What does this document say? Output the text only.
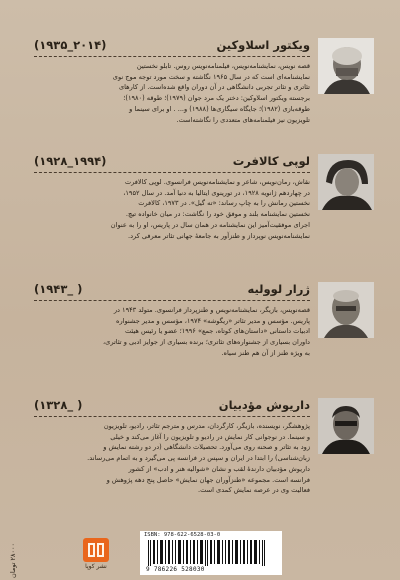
ویکتور اسلاوکین
(۱۹۳۵_۲۰۱۴)

قصه نویس، نمایشنامه‌نویس، فیلمنامه‌نویس روس. تابلو نخستین
نمایشنامه‌ای است که در سال ۱۹۶۵ نگاشته و سخت مورد توجه موج نوی
تئاتری و تئاتر تجربی دانشگاهی در آن دوران واقع شده‌است. از کارهای
برجسته ویکتور اسلاوکین: دختر یک مرد جوان (۱۹۷۹)؛ طوقه (۱۹۸۰)؛
طوقه‌بازی (۱۹۸۲)؛ جایگاه سیگاری‌ها (۱۹۸۸) و... . او برای سینما و
تلویزیون نیز فیلمنامه‌های متعددی را نگاشته‌است.

لوپی کالافرت
(۱۹۲۸_۱۹۹۴)

نقاش، رمان‌نویس، شاعر و نمایشنامه‌نویس فرانسوی. لوپی کالافرت
در چهاردهم ژانویه ۱۹۲۸، در تورینوی ایتالیا به دنیا آمد. در سال ۱۹۵۲،
نخستین رمانش را به چاپ رساند: «ته گیل». در ۱۹۷۳، کالافرت
نخستین نمایشنامه بلند و موفق خود را نگاشت: در میان خانواده تیچ.
اجرای موفقیت‌آمیز این نمایشنامه در همان سال در پاریس، او را به عنوان
نمایشنامه‌نویس نوپرداز و طنزآور به جامعهٔ جهانی تئاتر معرفی کرد.

ژرار لوولیه
(۱۹۴۳_ )

قصه‌نویس، بازیگر، نمایشنامه‌نویس و طنزپرداز فرانسوی. متولد ۱۹۴۳ در
پاریس. مؤسس و مدیر تئاتر «ریگوشه» ۱۹۷۴، مؤسس و مدیر جشنواره
ادبیات داستانی «داستان‌های کوتاه، جمع» ۱۹۹۶؛ عضو یا رئیس هیئت
داوران بسیاری از جشنواره‌های تئاتری؛ برنده بسیاری از جوایز ادبی و تئاتری،
به ویژه طنز از آن هم طنز سیاه.

داریوش مؤدبیان
(۱۳۲۸_ )

پژوهشگر، نویسنده، بازیگر، کارگردان، مدرس و مترجم تئاتر، رادیو، تلویزیون
و سینما. در نوجوانی کار نمایش در رادیو و تلویزیون را آغاز می‌کند و خیلی
زود به تئاتر و صحنه روی می‌آورد. تحصیلات دانشگاهی (در دو رشته نمایش و
زبان‌شناسی) را ابتدا در ایران و سپس در فرانسه پی می‌گیرد و به اتمام می‌رساند.
داریوش مؤدبیان دارندهٔ لقب و نشان «شوالیه هنر و ادب» از کشور
فرانسه است. مجموعه «طنزآوران جهان نمایش» حاصل پنج دهه پژوهش و
فعالیت وی در عرصه نمایش کمدی است.

ISBN: 978-622-6528-03-0
9 786226 528030
نشر کوپا
۲۸۰۰۰ تومان
